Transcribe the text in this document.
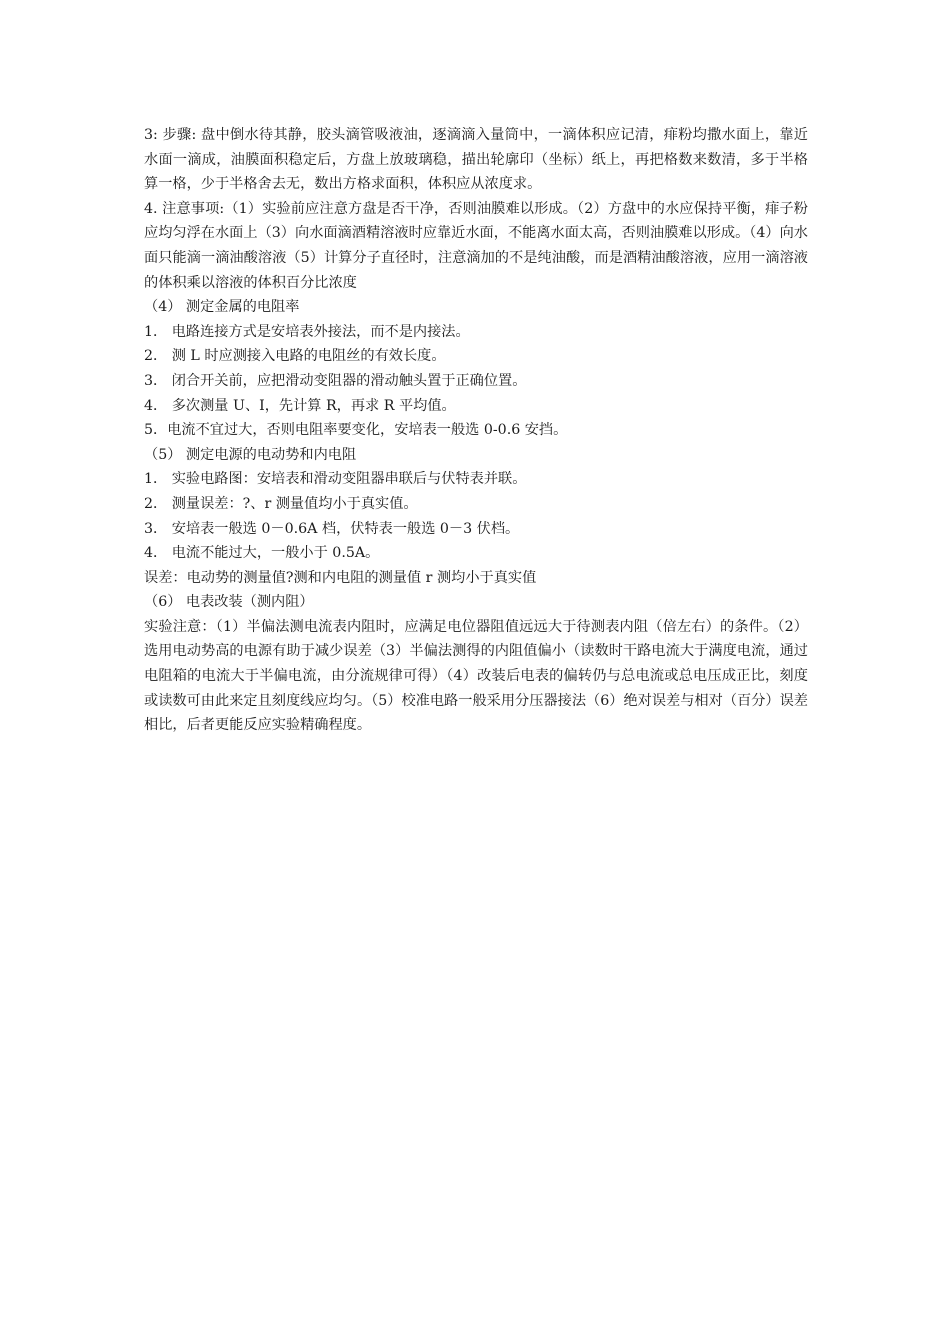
3: 步骤: 盘中倒水待其静，胶头滴管吸液油，逐滴滴入量筒中，一滴体积应记清，痱粉均撒水面上，靠近水面一滴成，油膜面积稳定后，方盘上放玻璃稳，描出轮廓印（坐标）纸上，再把格数来数清，多于半格算一格，少于半格舍去无，数出方格求面积，体积应从浓度求。
4. 注意事项:（1）实验前应注意方盘是否干净，否则油膜难以形成。（2）方盘中的水应保持平衡，痱子粉应均匀浮在水面上（3）向水面滴酒精溶液时应靠近水面，不能离水面太高，否则油膜难以形成。（4）向水面只能滴一滴油酸溶液（5）计算分子直径时，注意滴加的不是纯油酸，而是酒精油酸溶液，应用一滴溶液的体积乘以溶液的体积百分比浓度
（4） 测定金属的电阻率
1． 电路连接方式是安培表外接法，而不是内接法。
2． 测 L 时应测接入电路的电阻丝的有效长度。
3． 闭合开关前，应把滑动变阻器的滑动触头置于正确位置。
4． 多次测量 U、I，先计算 R，再求 R 平均值。
5．电流不宜过大，否则电阻率要变化，安培表一般选 0-0.6 安挡。
（5） 测定电源的电动势和内电阻
1． 实验电路图：安培表和滑动变阻器串联后与伏特表并联。
2． 测量误差：?、r 测量值均小于真实值。
3． 安培表一般选 0－0.6A 档，伏特表一般选 0－3 伏档。
4． 电流不能过大，一般小于 0.5A。
误差：电动势的测量值?测和内电阻的测量值 r 测均小于真实值
（6） 电表改装（测内阻）
实验注意：（1）半偏法测电流表内阻时，应满足电位器阻值远远大于待测表内阻（倍左右）的条件。（2）选用电动势高的电源有助于减少误差（3）半偏法测得的内阻值偏小（读数时干路电流大于满度电流，通过电阻箱的电流大于半偏电流，由分流规律可得）（4）改装后电表的偏转仍与总电流或总电压成正比，刻度或读数可由此来定且刻度线应均匀。（5）校准电路一般采用分压器接法（6）绝对误差与相对（百分）误差相比，后者更能反应实验精确程度。
